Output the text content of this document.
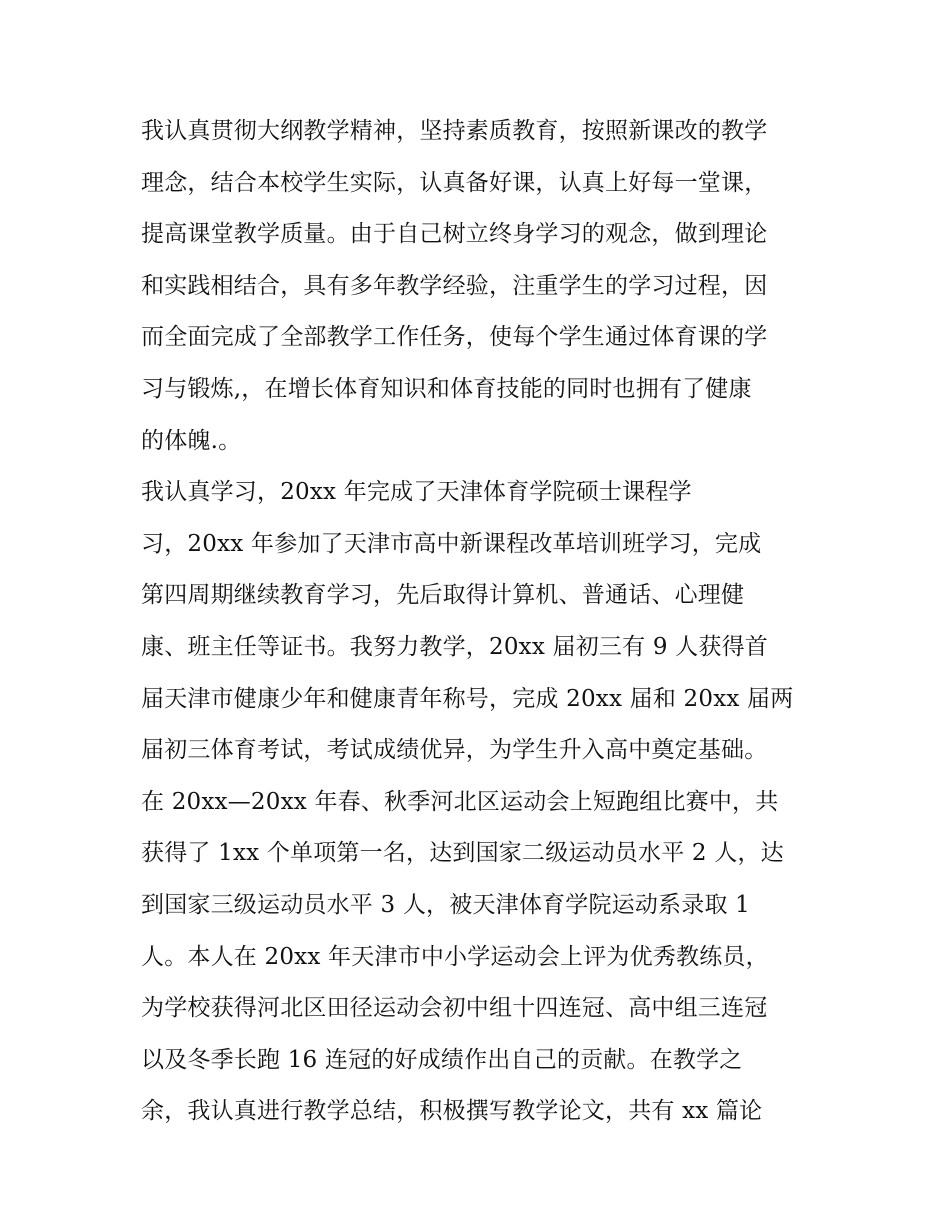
我认真贯彻大纲教学精神，坚持素质教育，按照新课改的教学
理念，结合本校学生实际，认真备好课，认真上好每一堂课，
提高课堂教学质量。由于自己树立终身学习的观念，做到理论
和实践相结合，具有多年教学经验，注重学生的学习过程，因
而全面完成了全部教学工作任务，使每个学生通过体育课的学
习与锻炼,，在增长体育知识和体育技能的同时也拥有了健康
的体魄.。
我认真学习，20xx 年完成了天津体育学院硕士课程学
习，20xx 年参加了天津市高中新课程改革培训班学习，完成
第四周期继续教育学习，先后取得计算机、普通话、心理健
康、班主任等证书。我努力教学，20xx 届初三有 9 人获得首
届天津市健康少年和健康青年称号，完成 20xx 届和 20xx 届两
届初三体育考试，考试成绩优异，为学生升入高中奠定基础。
在 20xx—20xx 年春、秋季河北区运动会上短跑组比赛中，共
获得了 1xx 个单项第一名，达到国家二级运动员水平 2 人，达
到国家三级运动员水平 3 人，被天津体育学院运动系录取 1
人。本人在 20xx 年天津市中小学运动会上评为优秀教练员，
为学校获得河北区田径运动会初中组十四连冠、高中组三连冠
以及冬季长跑 16 连冠的好成绩作出自己的贡献。在教学之
余，我认真进行教学总结，积极撰写教学论文，共有 xx 篇论
